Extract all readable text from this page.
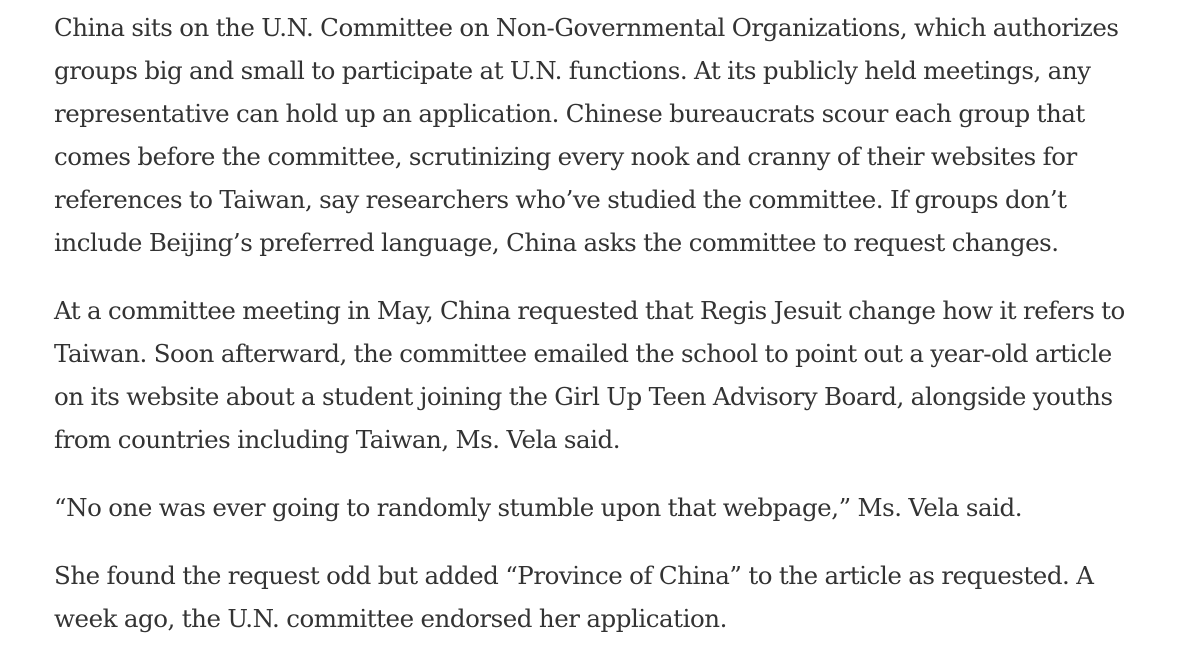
China sits on the U.N. Committee on Non-Governmental Organizations, which authorizes
groups big and small to participate at U.N. functions. At its publicly held meetings, any
representative can hold up an application. Chinese bureaucrats scour each group that
comes before the committee, scrutinizing every nook and cranny of their websites for
references to Taiwan, say researchers who’ve studied the committee. If groups don’t
include Beijing’s preferred language, China asks the committee to request changes.

At a committee meeting in May, China requested that Regis Jesuit change how it refers to
Taiwan. Soon afterward, the committee emailed the school to point out a year-old article
on its website about a student joining the Girl Up Teen Advisory Board, alongside youths
from countries including Taiwan, Ms. Vela said.

“No one was ever going to randomly stumble upon that webpage,” Ms. Vela said.

She found the request odd but added “Province of China” to the article as requested. A
week ago, the U.N. committee endorsed her application.
